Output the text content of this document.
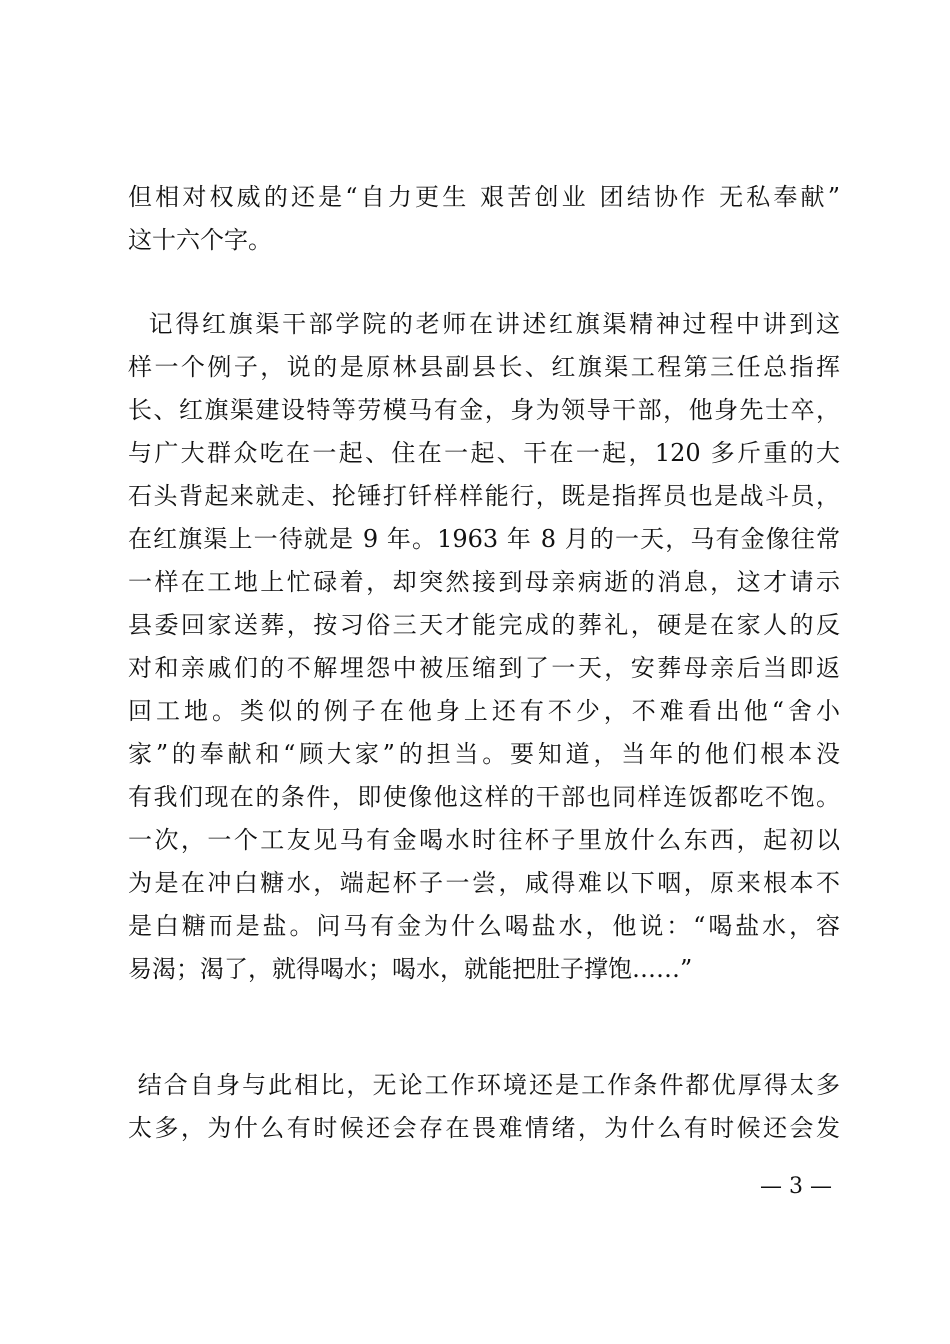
但相对权威的还是“自力更生 艰苦创业 团结协作 无私奉献”
这十六个字。
记得红旗渠干部学院的老师在讲述红旗渠精神过程中讲到这
样一个例子，说的是原林县副县长、红旗渠工程第三任总指挥
长、红旗渠建设特等劳模马有金，身为领导干部，他身先士卒，
与广大群众吃在一起、住在一起、干在一起，120 多斤重的大
石头背起来就走、抡锤打钎样样能行，既是指挥员也是战斗员，
在红旗渠上一待就是 9 年。1963 年 8 月的一天，马有金像往常
一样在工地上忙碌着，却突然接到母亲病逝的消息，这才请示
县委回家送葬，按习俗三天才能完成的葬礼，硬是在家人的反
对和亲戚们的不解埋怨中被压缩到了一天，安葬母亲后当即返
回工地。类似的例子在他身上还有不少，不难看出他“舍小
家”的奉献和“顾大家”的担当。要知道，当年的他们根本没
有我们现在的条件，即使像他这样的干部也同样连饭都吃不饱。
一次，一个工友见马有金喝水时往杯子里放什么东西，起初以
为是在冲白糖水，端起杯子一尝，咸得难以下咽，原来根本不
是白糖而是盐。问马有金为什么喝盐水，他说：“喝盐水，容
易渴；渴了，就得喝水；喝水，就能把肚子撑饱……”
结合自身与此相比，无论工作环境还是工作条件都优厚得太多
太多，为什么有时候还会存在畏难情绪，为什么有时候还会发
— 3 —
